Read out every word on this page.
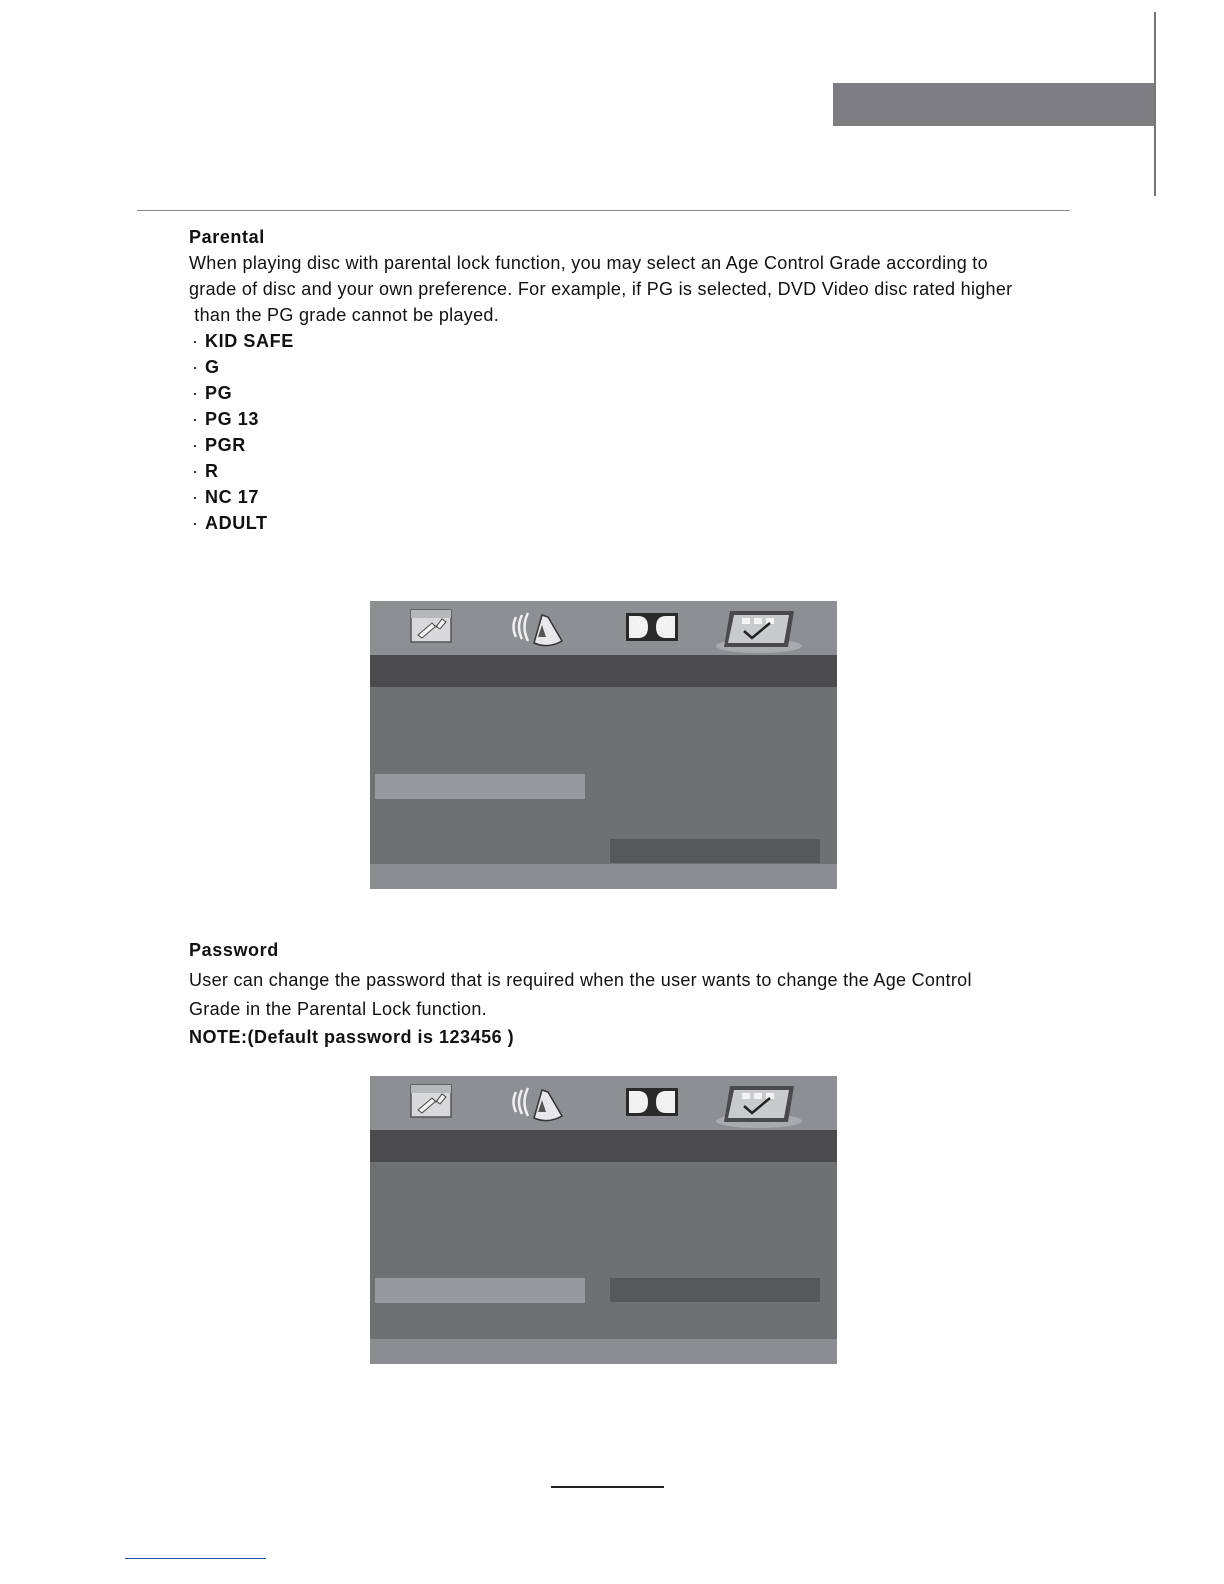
Parental
When playing disc with parental lock function, you may select an Age Control Grade according to
grade of disc and your own preference. For example, if PG is selected, DVD Video disc rated higher
than the PG grade cannot be played.
· KID SAFE
· G
· PG
· PG 13
· PGR
· R
· NC 17
· ADULT
Password
User can change the password that is required when the user wants to change the Age Control
Grade in the Parental Lock function.
NOTE:(Default password is 123456 )
